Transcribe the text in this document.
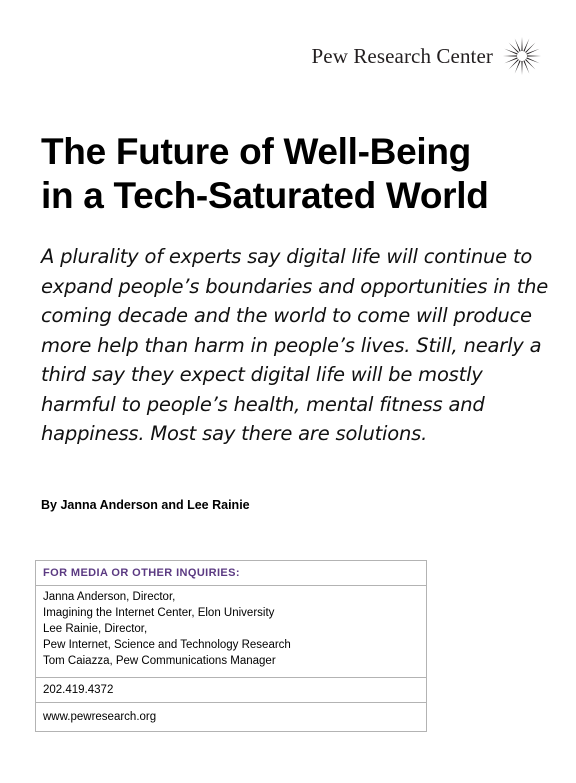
Pew Research Center
The Future of Well-Being
in a Tech-Saturated World

A plurality of experts say digital life will continue to expand people’s boundaries and opportunities in the coming decade and the world to come will produce more help than harm in people’s lives. Still, nearly a third say they expect digital life will be mostly harmful to people’s health, mental fitness and happiness. Most say there are solutions.

By Janna Anderson and Lee Rainie
FOR MEDIA OR OTHER INQUIRIES:
Janna Anderson, Director,
Imagining the Internet Center, Elon University
Lee Rainie, Director,
Pew Internet, Science and Technology Research
Tom Caiazza, Pew Communications Manager
202.419.4372
www.pewresearch.org
